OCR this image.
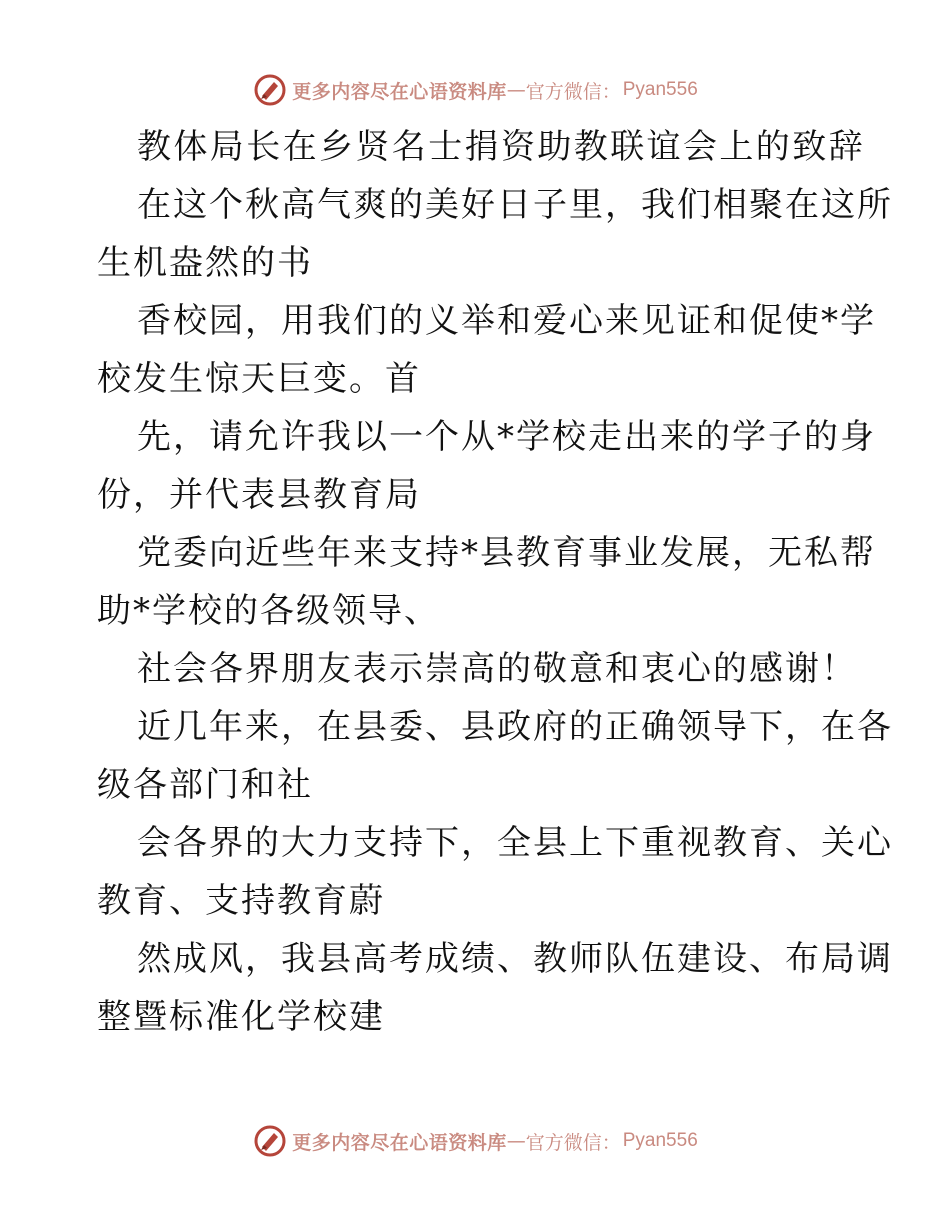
更多内容尽在心语资料库 — 官方微信： Pyan556
教体局长在乡贤名士捐资助教联谊会上的致辞
在这个秋高气爽的美好日子里，我们相聚在这所
生机盎然的书
香校园，用我们的义举和爱心来见证和促使*学
校发生惊天巨变。首
先，请允许我以一个从*学校走出来的学子的身
份，并代表县教育局
党委向近些年来支持*县教育事业发展，无私帮
助*学校的各级领导、
社会各界朋友表示崇高的敬意和衷心的感谢！
近几年来，在县委、县政府的正确领导下，在各
级各部门和社
会各界的大力支持下，全县上下重视教育、关心
教育、支持教育蔚
然成风，我县高考成绩、教师队伍建设、布局调
整暨标准化学校建
更多内容尽在心语资料库 — 官方微信： Pyan556
